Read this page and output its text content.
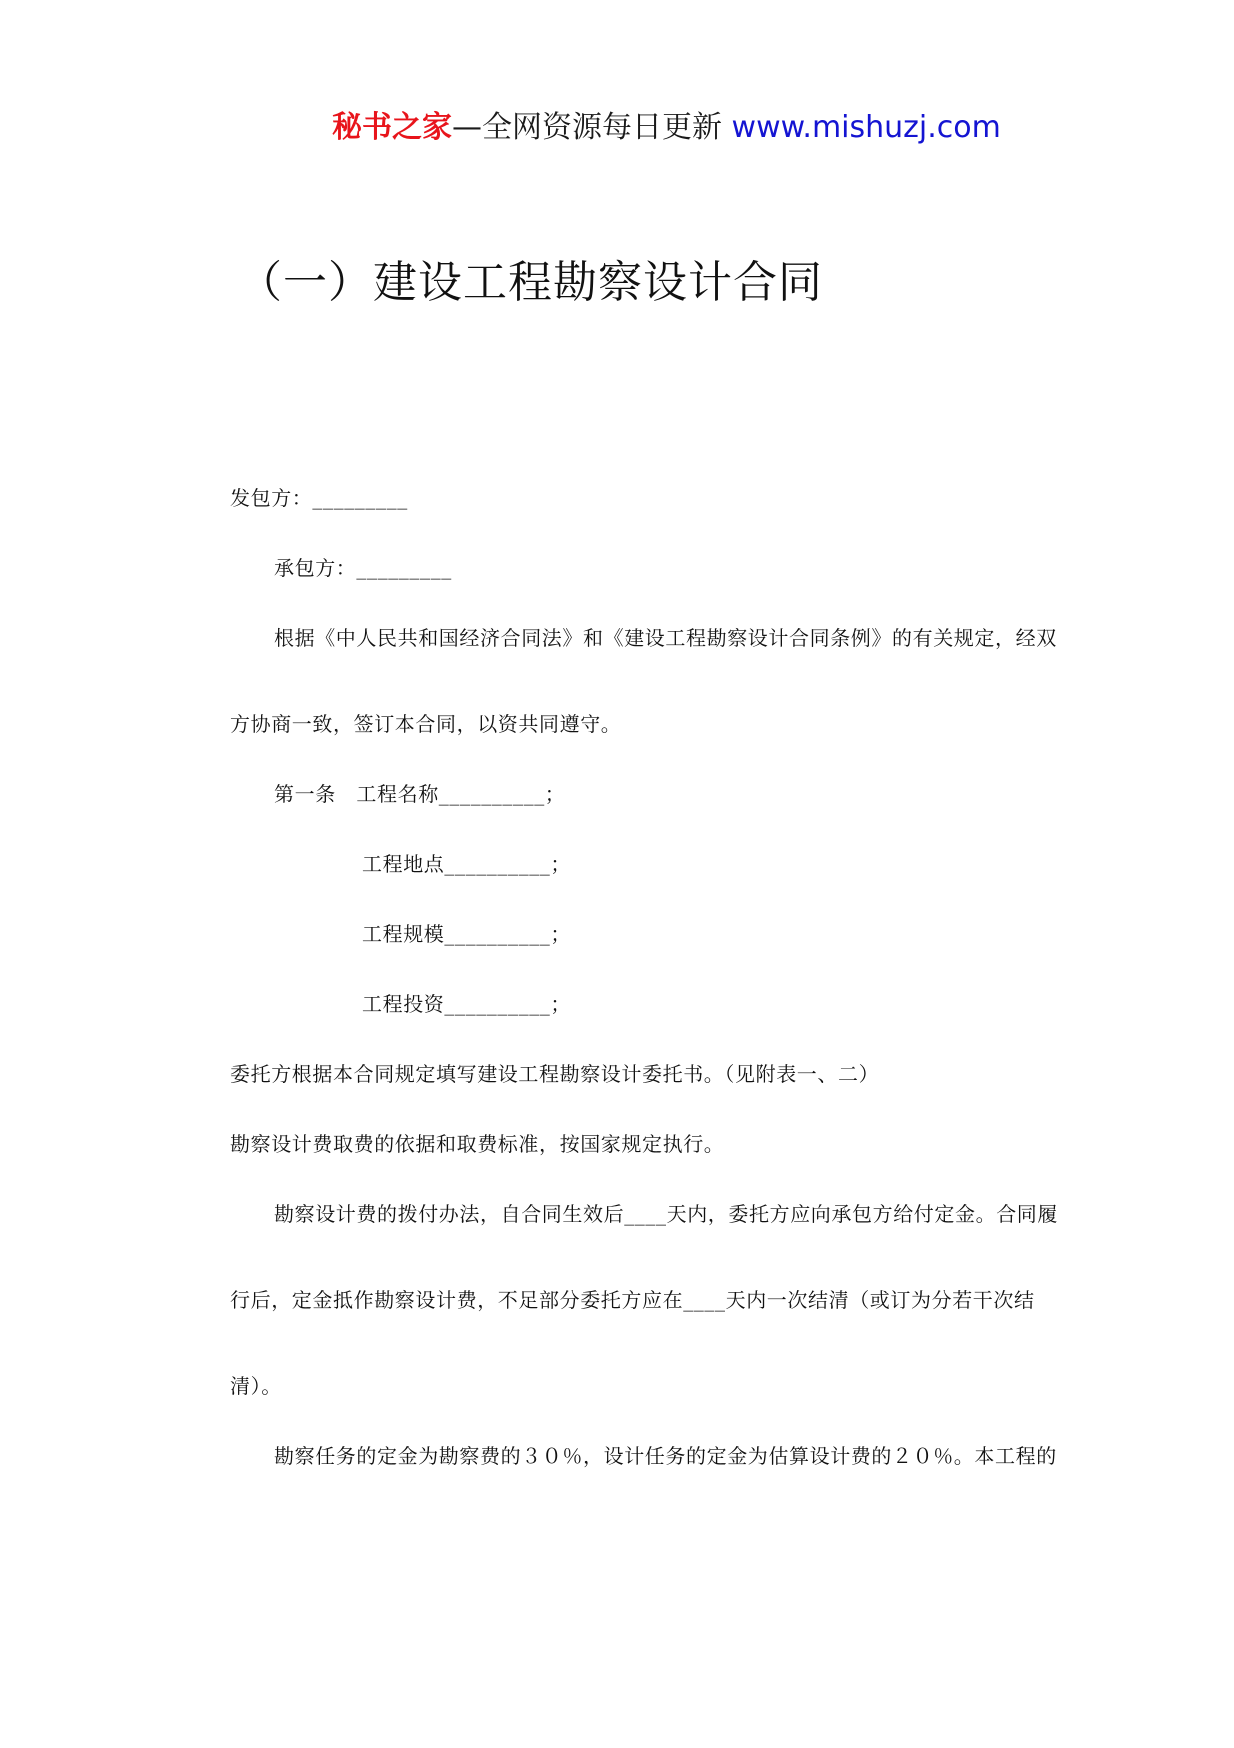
秘书之家—全网资源每日更新 www.mishuzj.com
（一）建设工程勘察设计合同
发包方：_________
承包方：_________
根据《中人民共和国经济合同法》和《建设工程勘察设计合同条例》的有关规定，经双
方协商一致，签订本合同，以资共同遵守。
第一条　工程名称__________；
工程地点__________；
工程规模__________；
工程投资__________；
委托方根据本合同规定填写建设工程勘察设计委托书。（见附表一、二）
勘察设计费取费的依据和取费标准，按国家规定执行。
勘察设计费的拨付办法，自合同生效后____天内，委托方应向承包方给付定金。合同履
行后，定金抵作勘察设计费，不足部分委托方应在____天内一次结清（或订为分若干次结
清）。
勘察任务的定金为勘察费的３０％，设计任务的定金为估算设计费的２０％。本工程的
